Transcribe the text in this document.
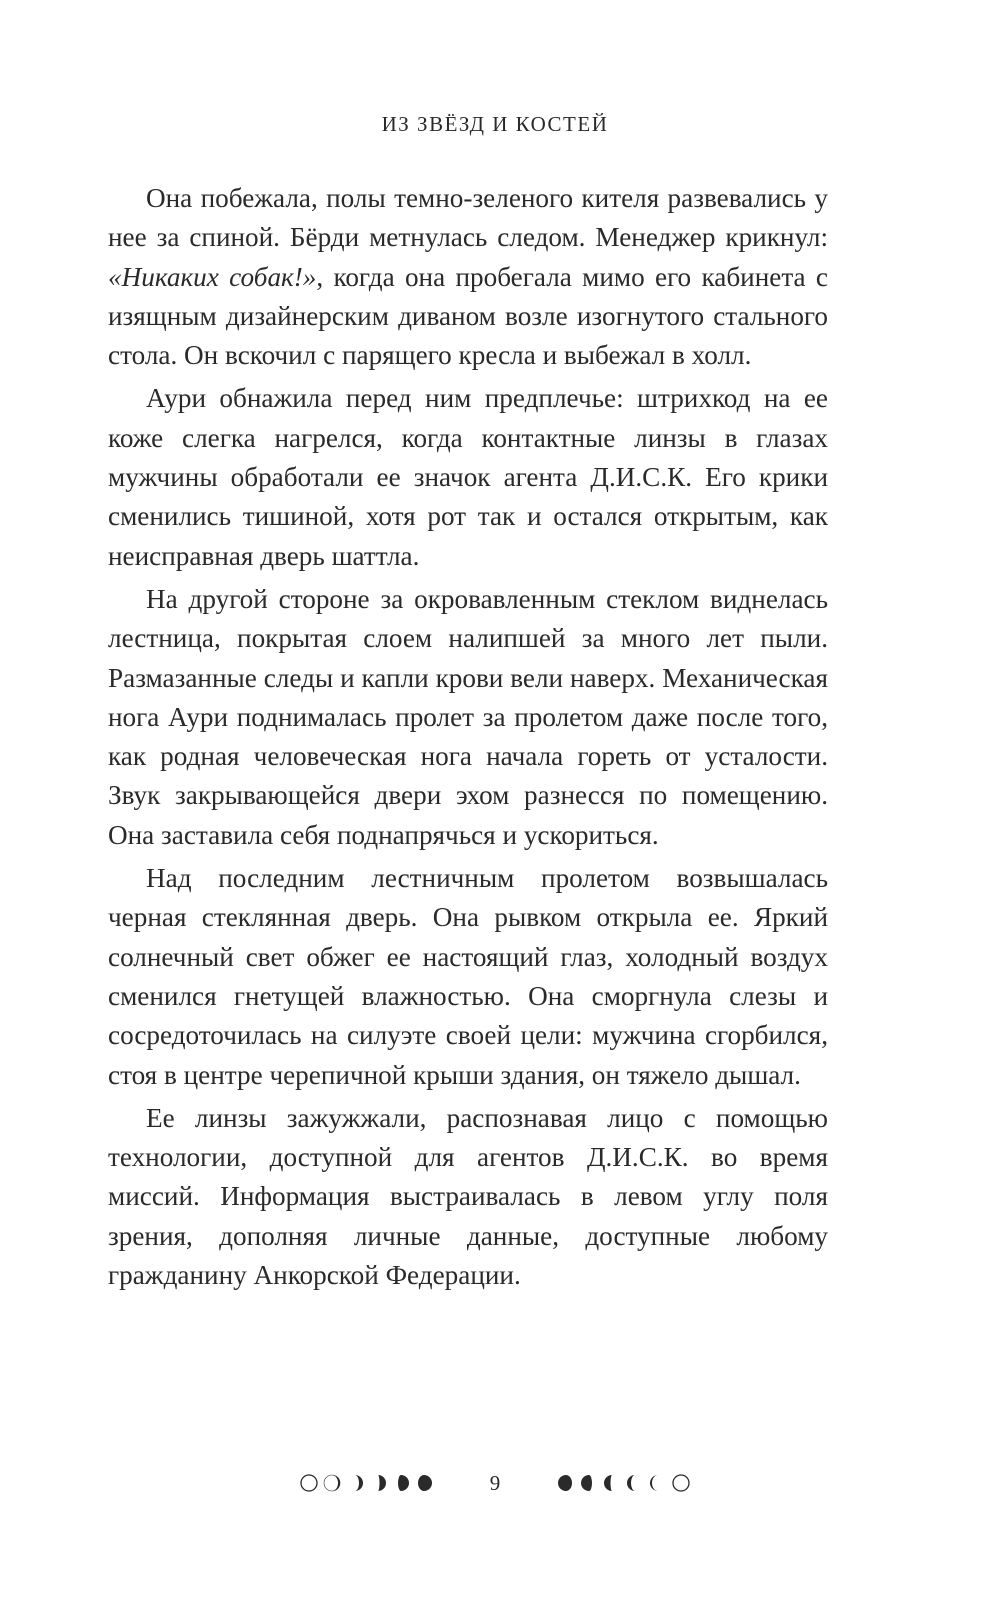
ИЗ ЗВЁЗД И КОСТЕЙ

Она побежала, полы темно-зеленого кителя развевались у нее за спиной. Бёрди метнулась следом. Менеджер крикнул: «Никаких собак!», когда она пробегала мимо его кабинета с изящным дизайнерским диваном возле изогнутого стального стола. Он вскочил с парящего кресла и выбежал в холл.

Аури обнажила перед ним предплечье: штрихкод на ее коже слегка нагрелся, когда контактные линзы в глазах мужчины обработали ее значок агента Д.И.С.К. Его крики сменились тишиной, хотя рот так и остался открытым, как неисправная дверь шаттла.

На другой стороне за окровавленным стеклом виднелась лестница, покрытая слоем налипшей за много лет пыли. Размазанные следы и капли крови вели наверх. Механическая нога Аури поднималась пролет за пролетом даже после того, как родная человеческая нога начала гореть от усталости. Звук закрывающейся двери эхом разнесся по помещению. Она заставила себя поднапрячься и ускориться.

Над последним лестничным пролетом возвышалась черная стеклянная дверь. Она рывком открыла ее. Яркий солнечный свет обжег ее настоящий глаз, холодный воздух сменился гнетущей влажностью. Она сморгнула слезы и сосредоточилась на силуэте своей цели: мужчина сгорбился, стоя в центре черепичной крыши здания, он тяжело дышал.

Ее линзы зажужжали, распознавая лицо с помощью технологии, доступной для агентов Д.И.С.К. во время миссий. Информация выстраивалась в левом углу поля зрения, дополняя личные данные, доступные любому гражданину Анкорской Федерации.

9
